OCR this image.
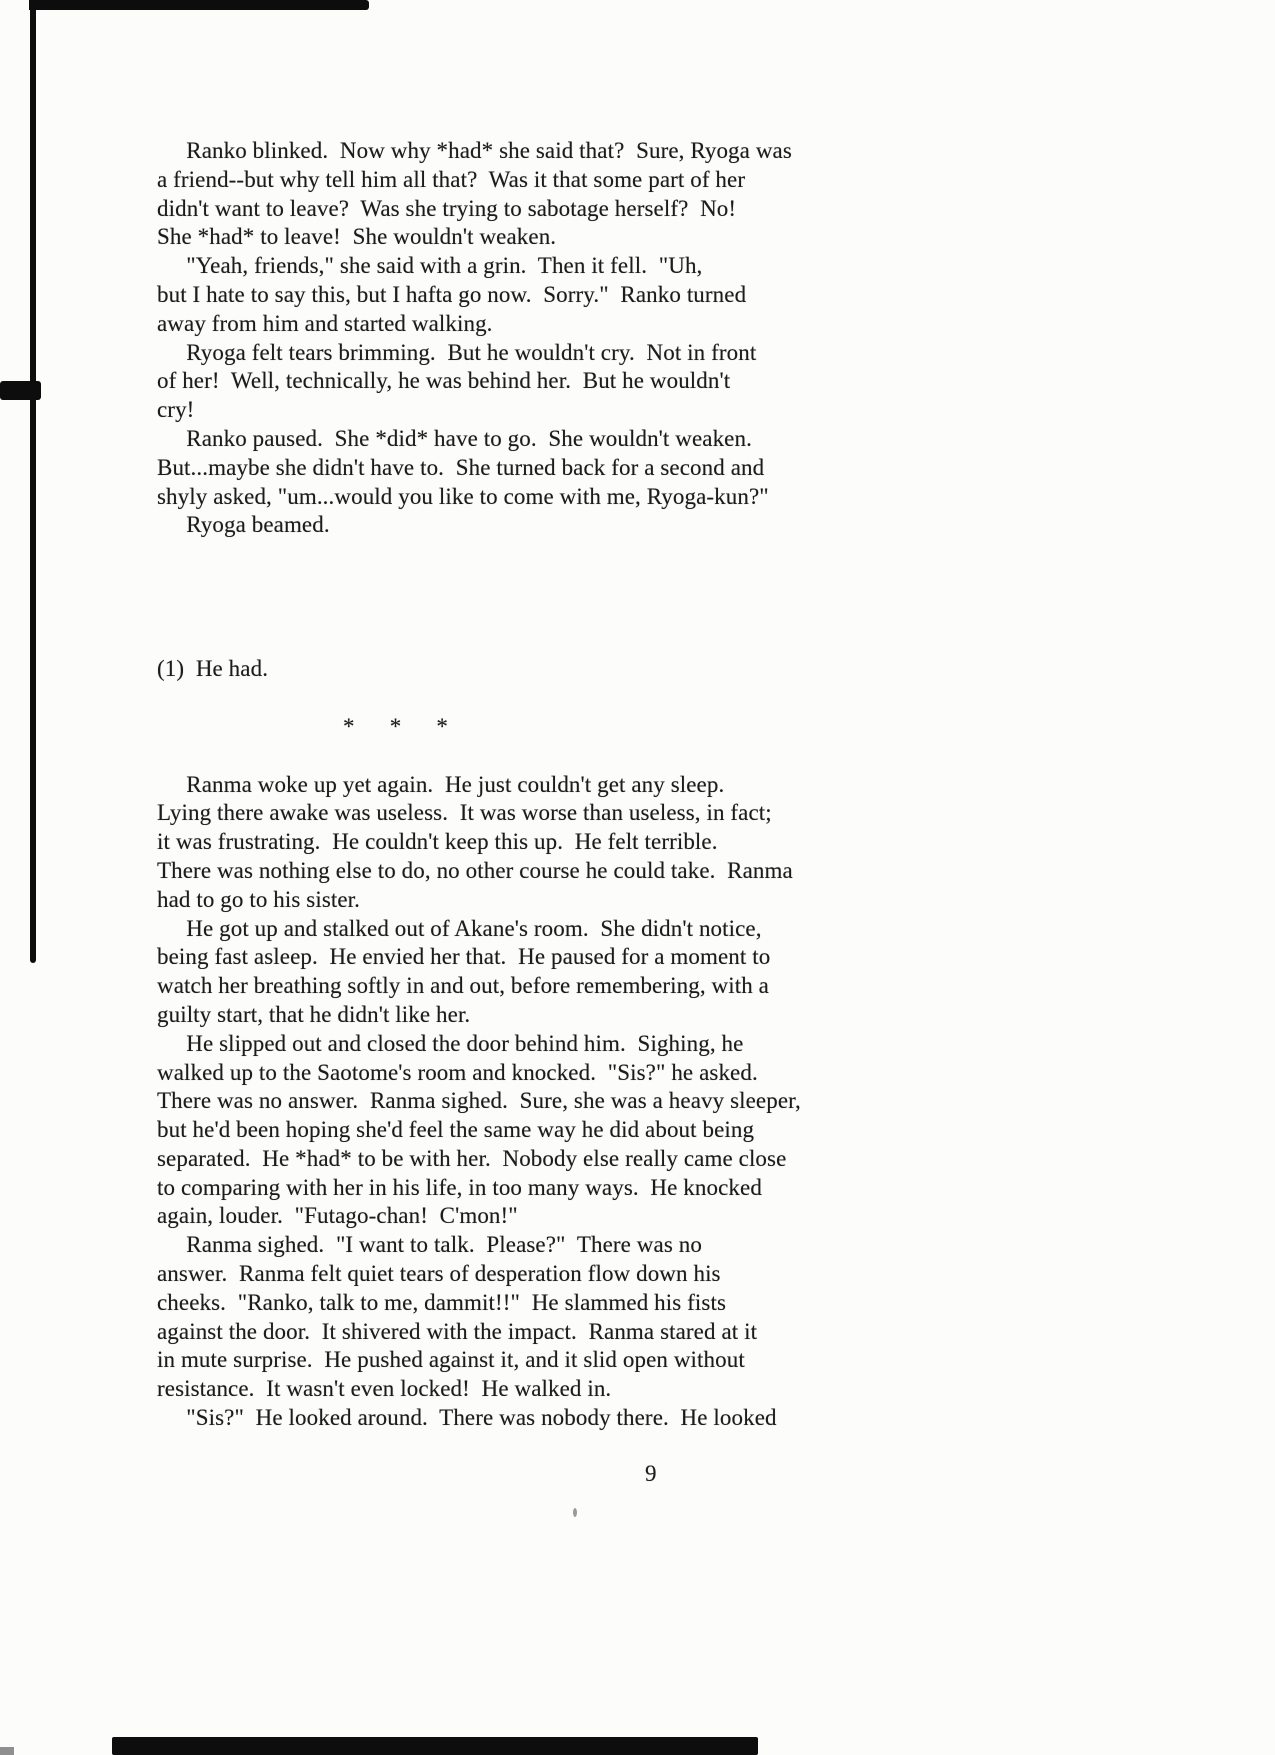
Ranko blinked.  Now why *had* she said that?  Sure, Ryoga was
a friend--but why tell him all that?  Was it that some part of her
didn't want to leave?  Was she trying to sabotage herself?  No!
She *had* to leave!  She wouldn't weaken.
"Yeah, friends," she said with a grin.  Then it fell.  "Uh,
but I hate to say this, but I hafta go now.  Sorry."  Ranko turned
away from him and started walking.
Ryoga felt tears brimming.  But he wouldn't cry.  Not in front
of her!  Well, technically, he was behind her.  But he wouldn't
cry!
Ranko paused.  She *did* have to go.  She wouldn't weaken.
But...maybe she didn't have to.  She turned back for a second and
shyly asked, "um...would you like to come with me, Ryoga-kun?"
Ryoga beamed.
(1)  He had.
*      *      *
Ranma woke up yet again.  He just couldn't get any sleep.
Lying there awake was useless.  It was worse than useless, in fact;
it was frustrating.  He couldn't keep this up.  He felt terrible.
There was nothing else to do, no other course he could take.  Ranma
had to go to his sister.
He got up and stalked out of Akane's room.  She didn't notice,
being fast asleep.  He envied her that.  He paused for a moment to
watch her breathing softly in and out, before remembering, with a
guilty start, that he didn't like her.
He slipped out and closed the door behind him.  Sighing, he
walked up to the Saotome's room and knocked.  "Sis?" he asked.
There was no answer.  Ranma sighed.  Sure, she was a heavy sleeper,
but he'd been hoping she'd feel the same way he did about being
separated.  He *had* to be with her.  Nobody else really came close
to comparing with her in his life, in too many ways.  He knocked
again, louder.  "Futago-chan!  C'mon!"
Ranma sighed.  "I want to talk.  Please?"  There was no
answer.  Ranma felt quiet tears of desperation flow down his
cheeks.  "Ranko, talk to me, dammit!!"  He slammed his fists
against the door.  It shivered with the impact.  Ranma stared at it
in mute surprise.  He pushed against it, and it slid open without
resistance.  It wasn't even locked!  He walked in.
"Sis?"  He looked around.  There was nobody there.  He looked
9
